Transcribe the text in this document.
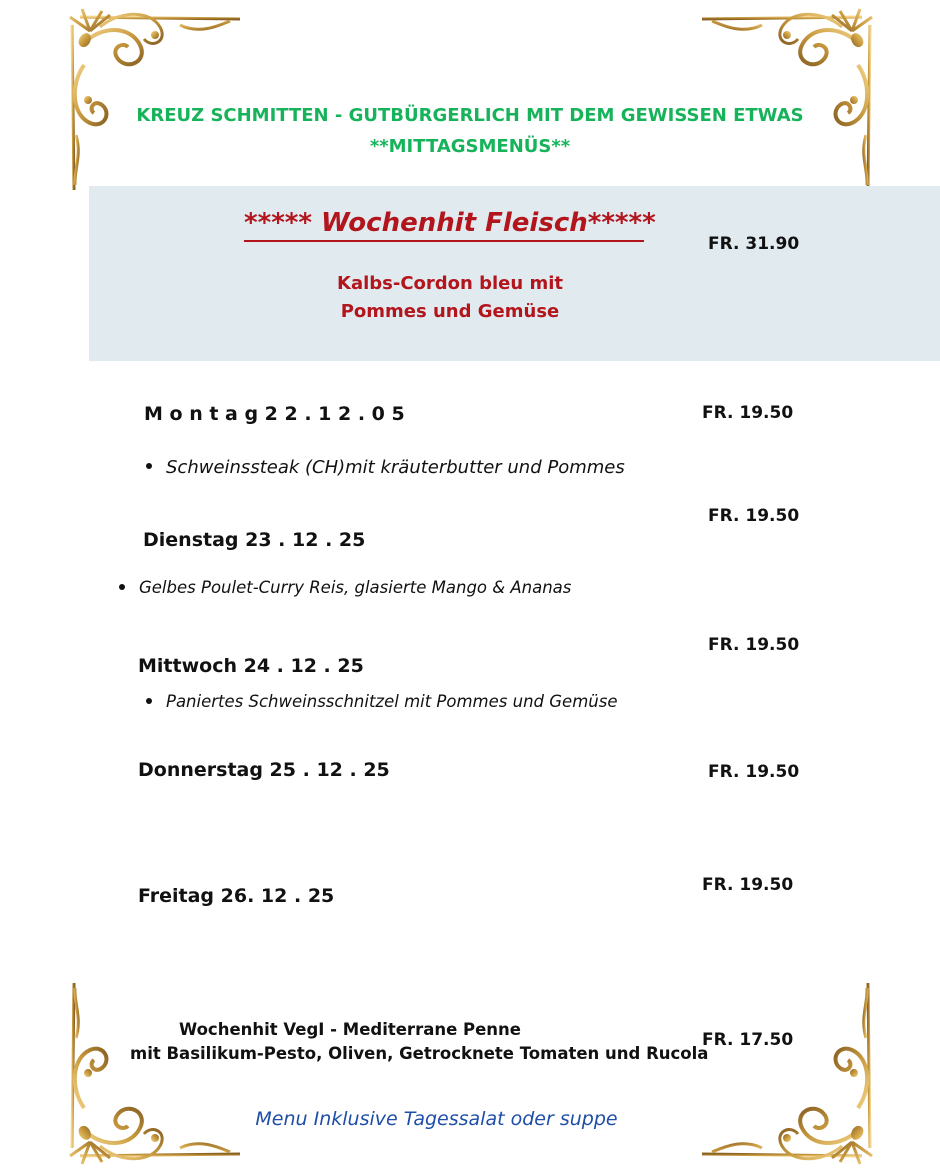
KREUZ SCHMITTEN - GUTBÜRGERLICH MIT DEM GEWISSEN ETWAS
**MITTAGSMENÜS**
***** Wochenhit Fleisch*****
FR. 31.90
Kalbs-Cordon bleu mit
Pommes und Gemüse
M o n t a g 2 2 . 1 2 . 0 5	FR. 19.50
Schweinssteak (CH)mit kräuterbutter und Pommes
FR. 19.50
Dienstag 23 . 12 . 25
Gelbes Poulet-Curry Reis, glasierte Mango & Ananas
FR. 19.50
Mittwoch 24 . 12 . 25
Paniertes Schweinsschnitzel mit Pommes und Gemüse
Donnerstag 25 . 12 . 25	FR. 19.50
FR. 19.50
Freitag 26. 12 . 25
Wochenhit VegI - Mediterrane Penne
mit Basilikum-Pesto, Oliven, Getrocknete Tomaten und Rucola
FR. 17.50
Menu Inklusive Tagessalat oder suppe
